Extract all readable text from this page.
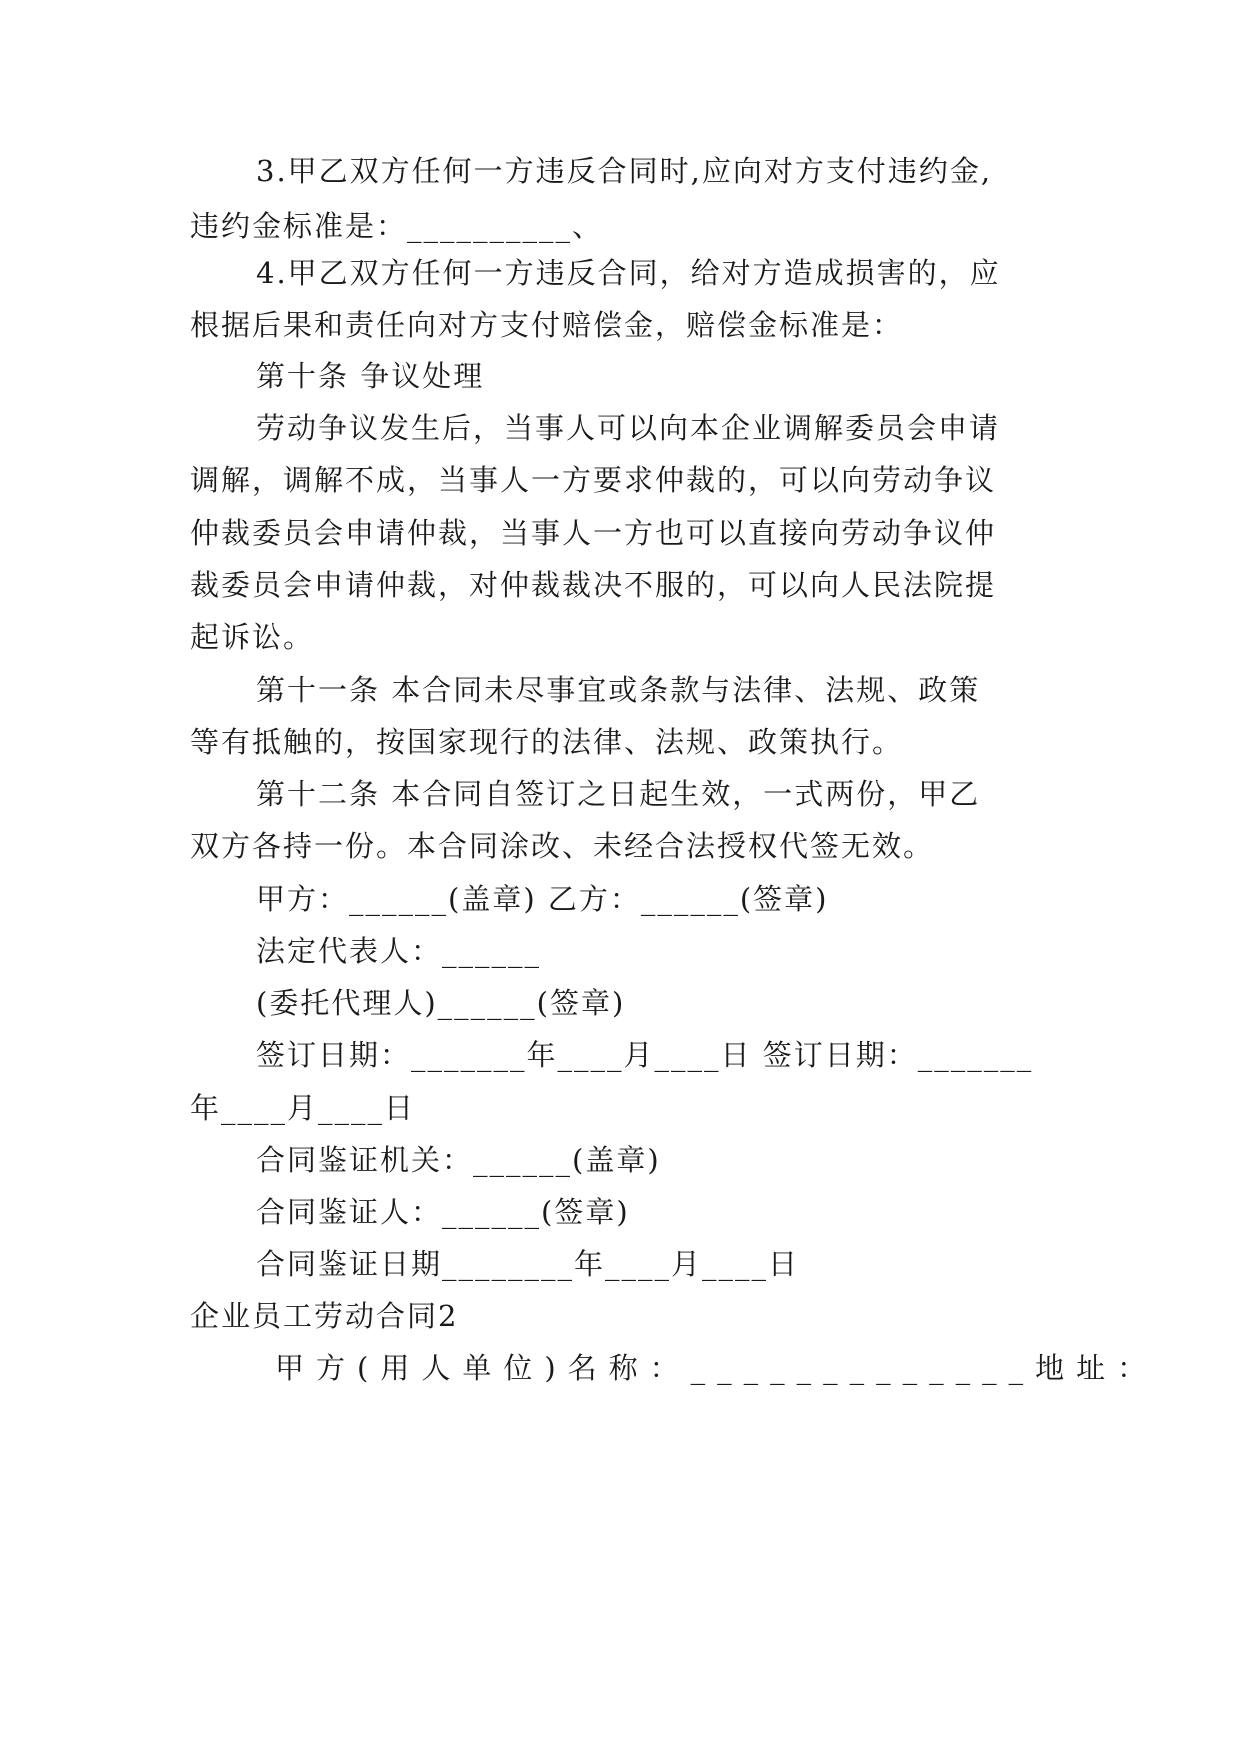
3.甲乙双方任何一方违反合同时,应向对方支付违约金,
违约金标准是：__________、
4.甲乙双方任何一方违反合同，给对方造成损害的，应
根据后果和责任向对方支付赔偿金，赔偿金标准是：
第十条 争议处理
劳动争议发生后，当事人可以向本企业调解委员会申请
调解，调解不成，当事人一方要求仲裁的，可以向劳动争议
仲裁委员会申请仲裁，当事人一方也可以直接向劳动争议仲
裁委员会申请仲裁，对仲裁裁决不服的，可以向人民法院提
起诉讼。
第十一条 本合同未尽事宜或条款与法律、法规、政策
等有抵触的，按国家现行的法律、法规、政策执行。
第十二条 本合同自签订之日起生效，一式两份，甲乙
双方各持一份。本合同涂改、未经合法授权代签无效。
甲方：______(盖章) 乙方：______(签章)
法定代表人：______
(委托代理人)______(签章)
签订日期：_______年____月____日 签订日期：_______
年____月____日
合同鉴证机关：______(盖章)
合同鉴证人：______(签章)
合同鉴证日期________年____月____日
企业员工劳动合同2
甲方(用人单位)名称：_____________地址：
